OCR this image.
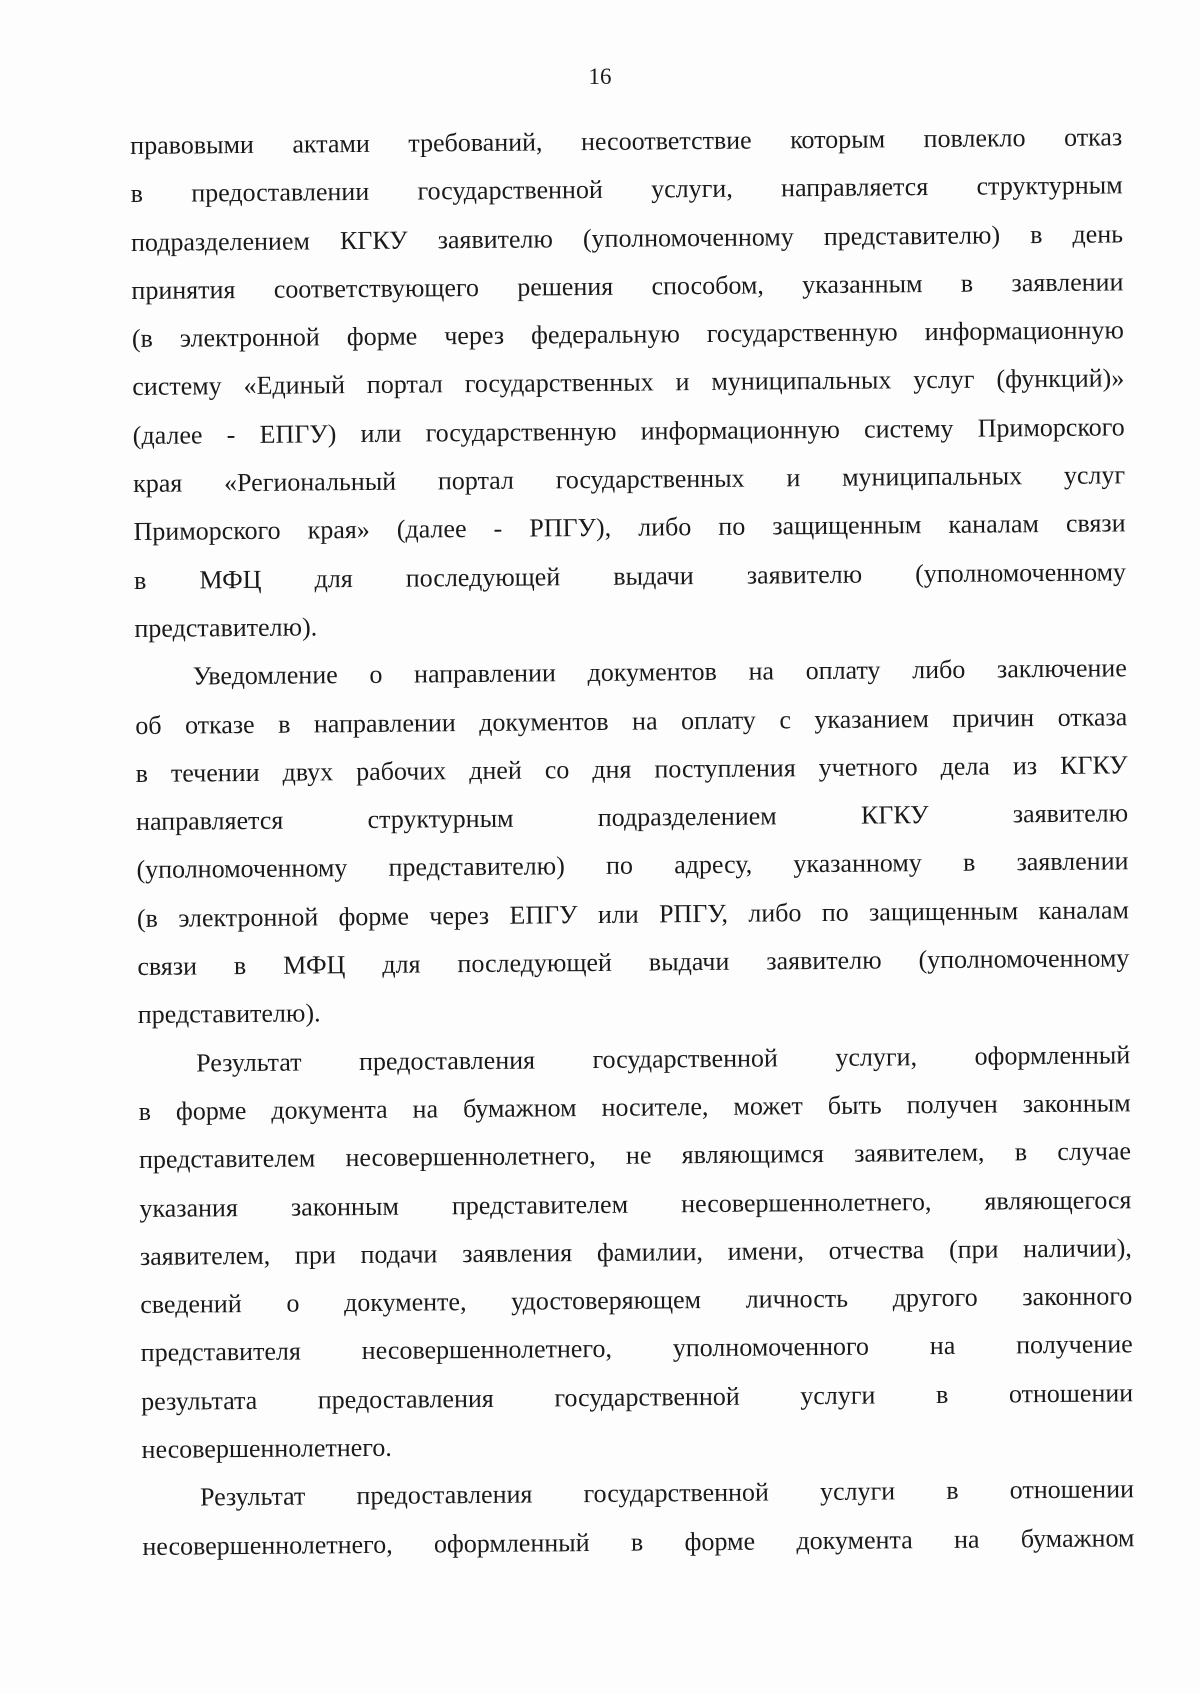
16

правовыми актами требований, несоответствие которым повлекло отказ
в предоставлении государственной услуги, направляется структурным
подразделением КГКУ заявителю (уполномоченному представителю) в день
принятия соответствующего решения способом, указанным в заявлении
(в электронной форме через федеральную государственную информационную
систему «Единый портал государственных и муниципальных услуг (функций)»
(далее - ЕПГУ) или государственную информационную систему Приморского
края «Региональный портал государственных и муниципальных услуг
Приморского края» (далее - РПГУ), либо по защищенным каналам связи
в МФЦ для последующей выдачи заявителю (уполномоченному
представителю).

Уведомление о направлении документов на оплату либо заключение
об отказе в направлении документов на оплату с указанием причин отказа
в течении двух рабочих дней со дня поступления учетного дела из КГКУ
направляется структурным подразделением КГКУ заявителю
(уполномоченному представителю) по адресу, указанному в заявлении
(в электронной форме через ЕПГУ или РПГУ, либо по защищенным каналам
связи в МФЦ для последующей выдачи заявителю (уполномоченному
представителю).

Результат предоставления государственной услуги, оформленный
в форме документа на бумажном носителе, может быть получен законным
представителем несовершеннолетнего, не являющимся заявителем, в случае
указания законным представителем несовершеннолетнего, являющегося
заявителем, при подачи заявления фамилии, имени, отчества (при наличии),
сведений о документе, удостоверяющем личность другого законного
представителя несовершеннолетнего, уполномоченного на получение
результата предоставления государственной услуги в отношении
несовершеннолетнего.

Результат предоставления государственной услуги в отношении
несовершеннолетнего, оформленный в форме документа на бумажном
